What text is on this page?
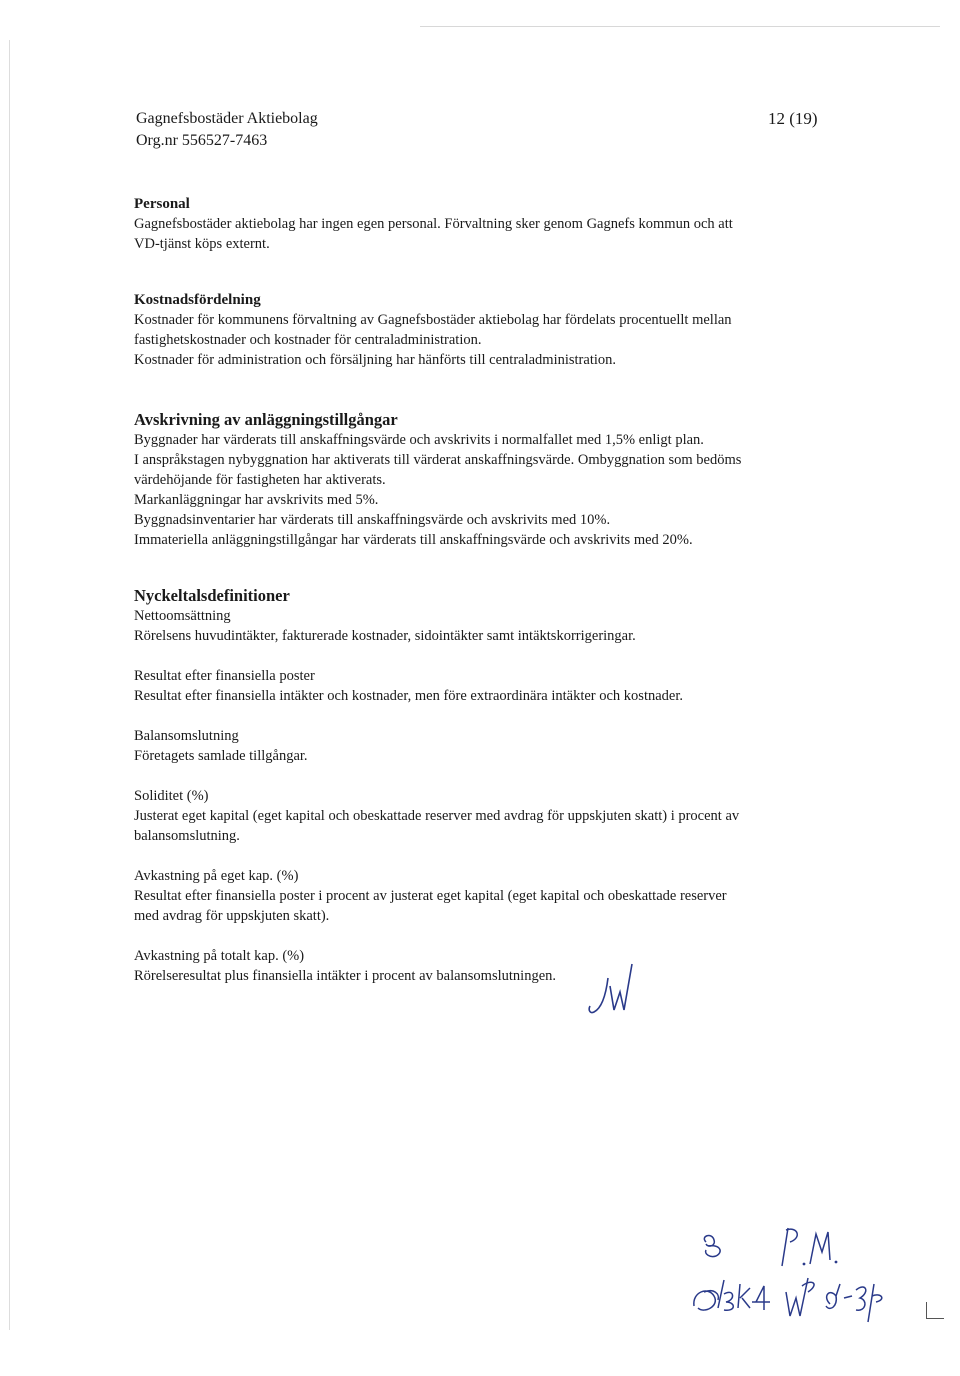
Gagnefsbostäder Aktiebolag
Org.nr 556527-7463
12 (19)
Personal

Gagnefsbostäder aktiebolag har ingen egen personal. Förvaltning sker genom Gagnefs kommun och att

VD-tjänst köps externt.

Kostnadsfördelning

Kostnader för kommunens förvaltning av Gagnefsbostäder aktiebolag har fördelats procentuellt mellan

fastighetskostnader och kostnader för centraladministration.

Kostnader för administration och försäljning har hänförts till centraladministration.

Avskrivning av anläggningstillgångar

Byggnader har värderats till anskaffningsvärde och avskrivits i normalfallet med 1,5% enligt plan.

I anspråkstagen nybyggnation har aktiverats till värderat anskaffningsvärde. Ombyggnation som bedöms

värdehöjande för fastigheten har aktiverats.

Markanläggningar har avskrivits med 5%.

Byggnadsinventarier har värderats till anskaffningsvärde och avskrivits med 10%.

Immateriella anläggningstillgångar har värderats till anskaffningsvärde och avskrivits med 20%.

Nyckeltalsdefinitioner

Nettoomsättning

Rörelsens huvudintäkter, fakturerade kostnader, sidointäkter samt intäktskorrigeringar.

Resultat efter finansiella poster

Resultat efter finansiella intäkter och kostnader, men före extraordinära intäkter och kostnader.

Balansomslutning

Företagets samlade tillgångar.

Soliditet (%)

Justerat eget kapital (eget kapital och obeskattade reserver med avdrag för uppskjuten skatt) i procent av

balansomslutning.

Avkastning på eget kap. (%)

Resultat efter finansiella poster i procent av justerat eget kapital (eget kapital och obeskattade reserver

med avdrag för uppskjuten skatt).

Avkastning på totalt kap. (%)

Rörelseresultat plus finansiella intäkter i procent av balansomslutningen.
